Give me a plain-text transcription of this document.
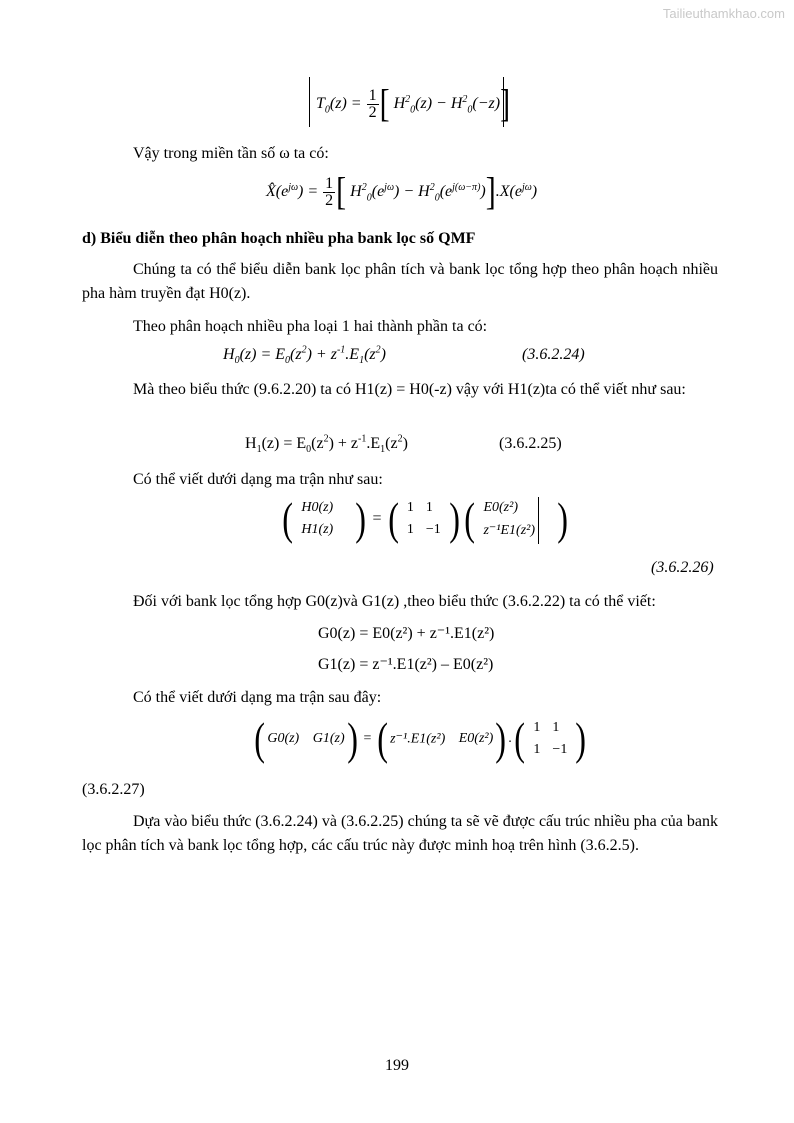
Tailieuthamkhao.com
$T_0(z) = \frac{1}{2}$ [ $H^2_0(z) - H^2_0(-z)$]
Vậy trong miền tần số ω ta có:
$X̂(e^{j\omega}) = \frac{1}{2}$ [ $H^2_0(e^{j\omega}) - H^2_0(e^{j(\omega-\pi)})].X(e^{j\omega})$
d) Biểu diễn theo phân hoạch nhiều pha bank lọc số QMF
Chúng ta có thể biểu diễn bank lọc phân tích và bank lọc tổng hợp theo phân hoạch nhiều pha hàm truyền đạt H0(z).
Theo phân hoạch nhiều pha loại 1 hai thành phần ta có:
$H_0(z) = E_0(z^2) + z^{-1}.E_1(z^2)$	(3.6.2.24)
Mà theo biểu thức (9.6.2.20) ta có H1(z) = H0(-z) vậy với H1(z)ta có thể viết như sau:
$H_1(z) = E_0(z^2) + z^{-1}.E_1(z^2)$	(3.6.2.25)
Có thể viết dưới dạng ma trận như sau:
( H0(z)
H1(z) ) = ( 1	1
1	−1 )( E0(z²)
z⁻¹E1(z²) )
(3.6.2.26)
Đối với bank lọc tổng hợp G0(z)và G1(z) ,theo biểu thức (3.6.2.22) ta có thể viết:
G0(z) = E0(z²) + z⁻¹.E1(z²)
G1(z) = z⁻¹.E1(z²) – E0(z²)
Có thể viết dưới dạng ma trận sau đây:
( G0(z) G1(z)) = ( z⁻¹.E1(z²) E0(z²)) .( 1	1
1	−1 )
(3.6.2.27)
Dựa vào biểu thức (3.6.2.24) và (3.6.2.25) chúng ta sẽ vẽ được cấu trúc nhiều pha của bank lọc phân tích và bank lọc tổng hợp, các cấu trúc này được minh hoạ trên hình (3.6.2.5).
199
